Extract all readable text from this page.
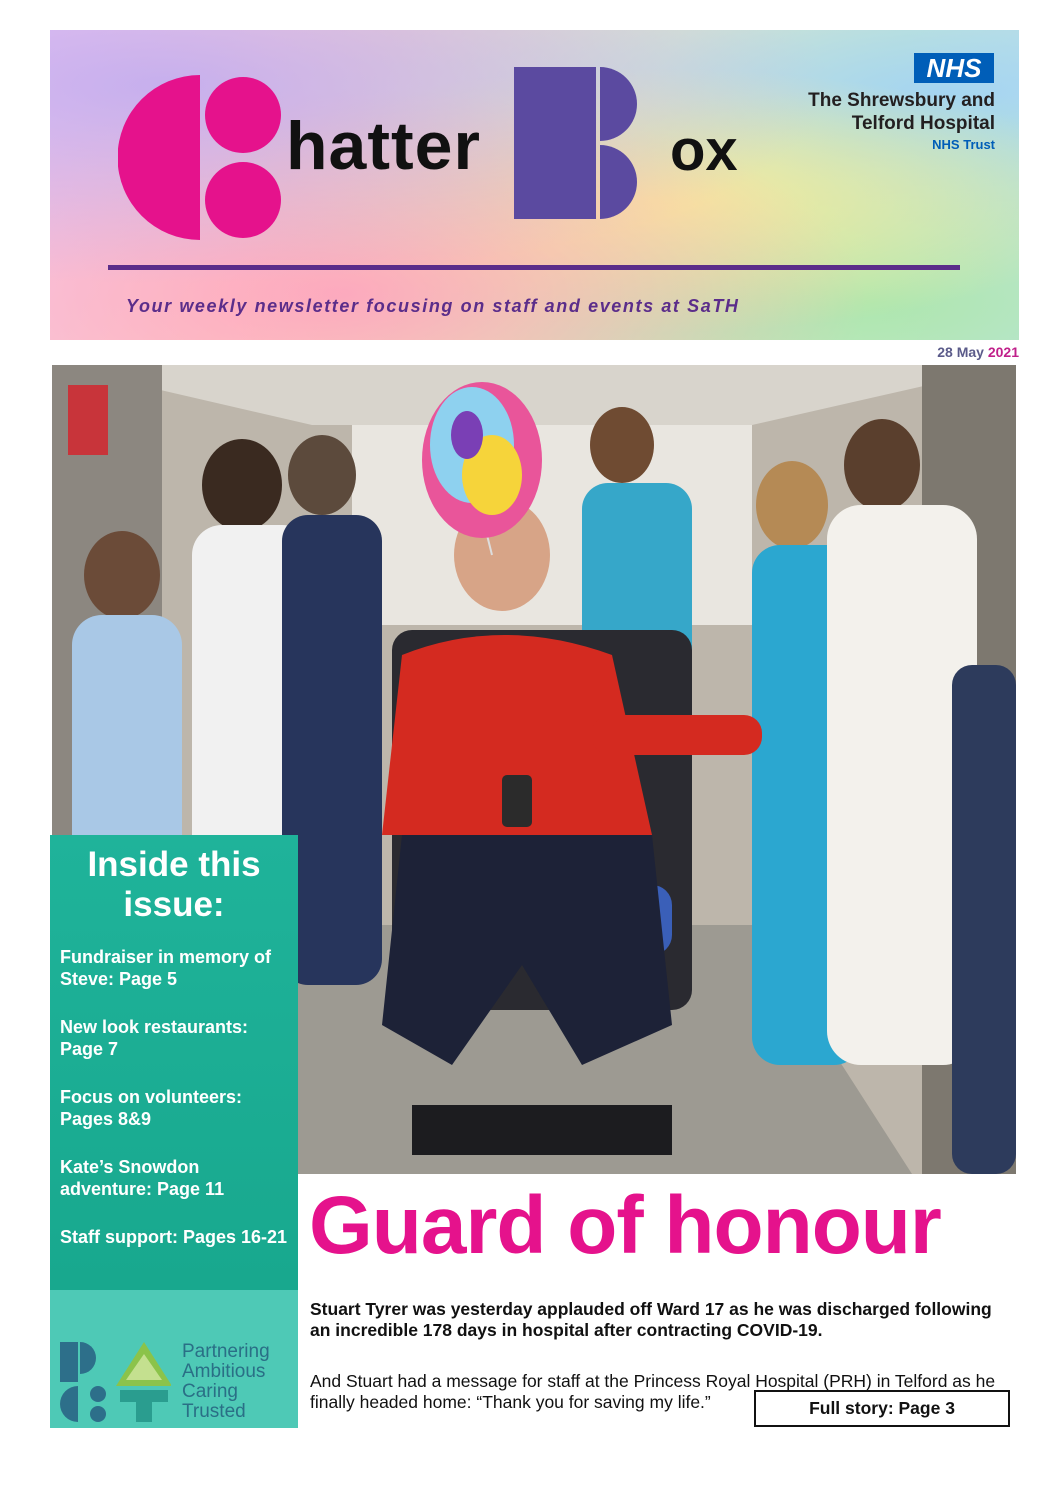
hatter	ox
NHS
The Shrewsbury and
Telford Hospital
NHS Trust
Your weekly newsletter focusing on staff and events at SaTH
28 May 2021
Inside this issue:
Fundraiser in memory of Steve: Page 5
New look restaurants: Page 7
Focus on volunteers: Pages 8&9
Kate’s Snowdon adventure: Page 11
Staff support: Pages 16-21
Partnering
Ambitious
Caring
Trusted
Guard of honour
Stuart Tyrer was yesterday applauded off Ward 17 as he was discharged following an incredible 178 days in hospital after contracting COVID-19.
And Stuart had a message for staff at the Princess Royal Hospital (PRH) in Telford as he finally headed home: “Thank you for saving my life.”	Full story: Page 3
